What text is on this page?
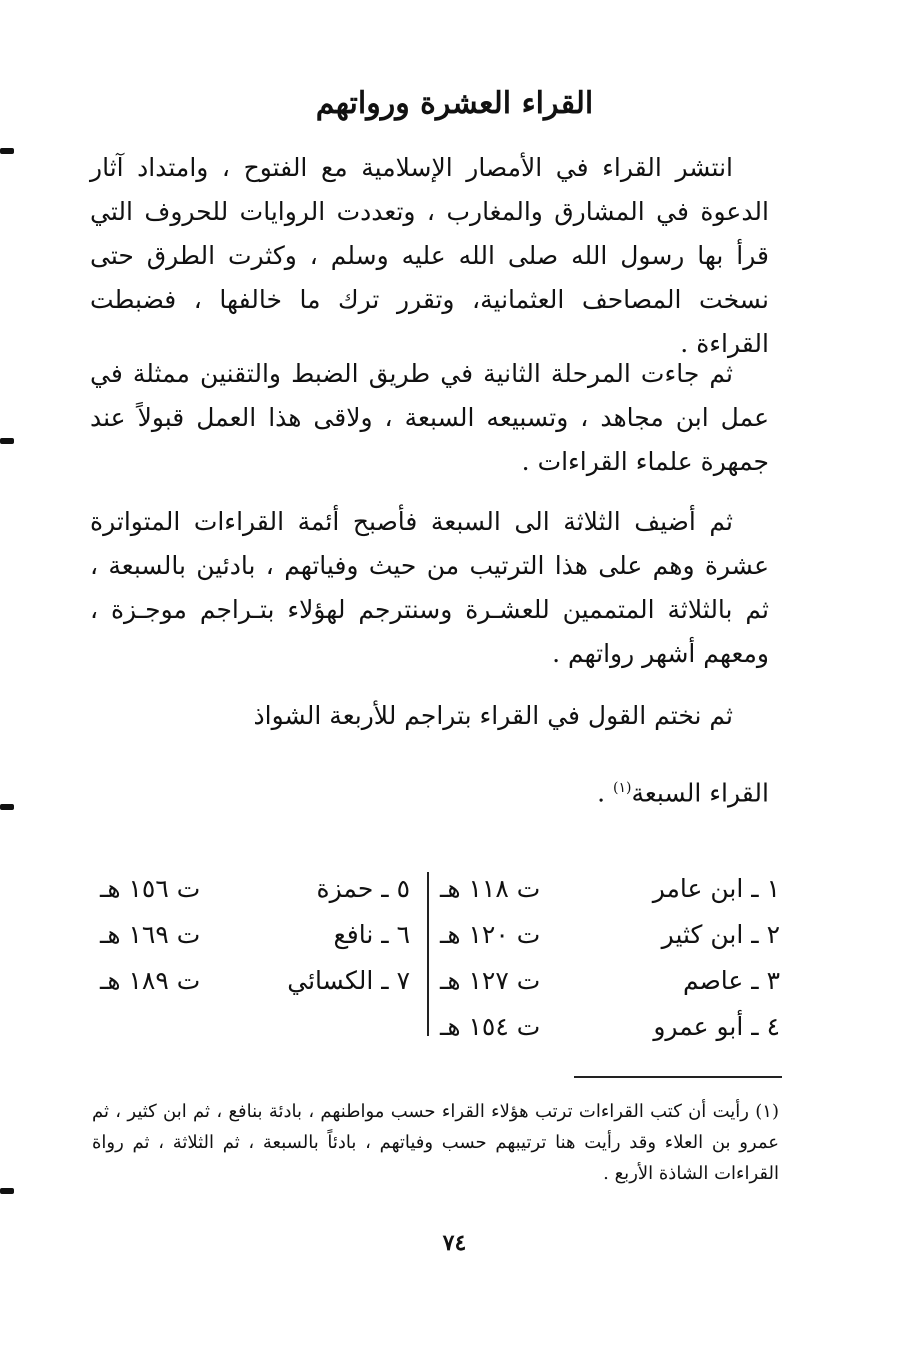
القراء العشرة ورواتهم
انتشر القراء في الأمصار الإسلامية مع الفتوح ، وامتداد آثار الدعوة في المشارق والمغارب ، وتعددت الروايات للحروف التي قرأ بها رسول الله صلى الله عليه وسلم ، وكثرت الطرق حتى نسخت المصاحف العثمانية، وتقرر ترك ما خالفها ، فضبطت القراءة .
ثم جاءت المرحلة الثانية في طريق الضبط والتقنين ممثلة في عمل ابن مجاهد ، وتسبيعه السبعة ، ولاقى هذا العمل قبولاً عند جمهرة علماء القراءات .
ثم أضيف الثلاثة الى السبعة فأصبح أئمة القراءات المتواترة عشرة وهم على هذا الترتيب من حيث وفياتهم ، بادئين بالسبعة ، ثم بالثلاثة المتممين للعشـرة وسنترجم لهؤلاء بتـراجم موجـزة ، ومعهم أشهر رواتهم .
ثم نختم القول في القراء بتراجم للأربعة الشواذ
القراء السبعة$^{(١)}$ .
١ ـ ابن عامر
ت ١١٨ هـ
٢ ـ ابن كثير
ت ١٢٠ هـ
٣ ـ عاصم
ت ١٢٧ هـ
٤ ـ أبو عمرو
ت ١٥٤ هـ
٥ ـ حمزة
ت ١٥٦ هـ
٦ ـ نافع
ت ١٦٩ هـ
٧ ـ الكسائي
ت ١٨٩ هـ
(١) رأيت أن كتب القراءات ترتب هؤلاء القراء حسب مواطنهم ، بادئة بنافع ، ثم ابن كثير ، ثم عمرو بن العلاء وقد رأيت هنا ترتيبهم حسب وفياتهم ، بادئاً بالسبعة ، ثم الثلاثة ، ثم رواة القراءات الشاذة الأربع .
٧٤
